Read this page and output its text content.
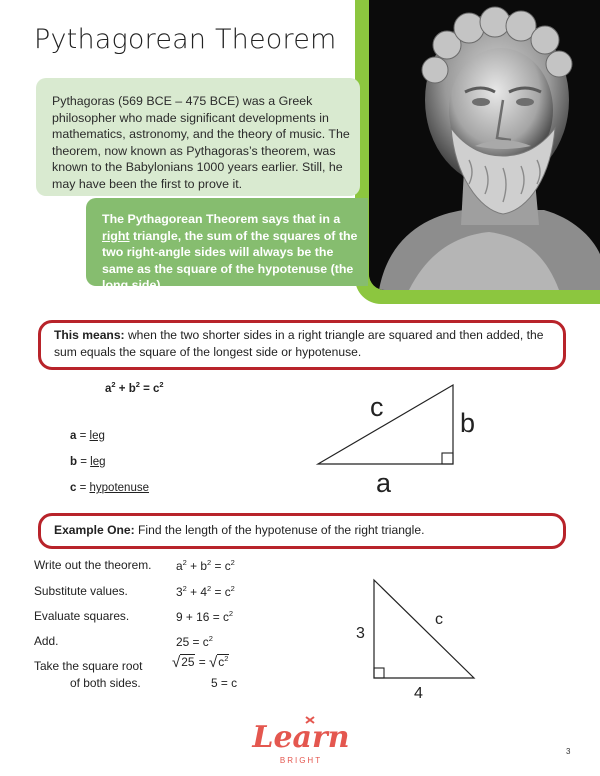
Pythagorean Theorem
Pythagoras (569 BCE – 475 BCE) was a Greek philosopher who made significant developments in mathematics, astronomy, and the theory of music. The theorem, now known as Pythagoras’s theorem, was known to the Babylonians 1000 years earlier. Still, he may have been the first to prove it.
The Pythagorean Theorem says that in a right triangle, the sum of the squares of the two right-angle sides will always be the same as the square of the hypotenuse (the long side).
This means: when the two shorter sides in a right triangle are squared and then added, the sum equals the square of the longest side or hypotenuse.
$a^2 + b^2 = c^2$
a = leg
b = leg
c = hypotenuse
c
b
a
Example One: Find the length of the hypotenuse of the right triangle.
Write out the theorem. $a^2 + b^2 = c^2$
Substitute values.	$3^2 + 4^2 = c^2$
Evaluate squares.	$9 + 16 = c^2$
Add.	$25 = c^2$
Take the square root
of both sides.
$√25 = √c^2$
5 = c
3
c
4
Learn
BRIGHT
3
